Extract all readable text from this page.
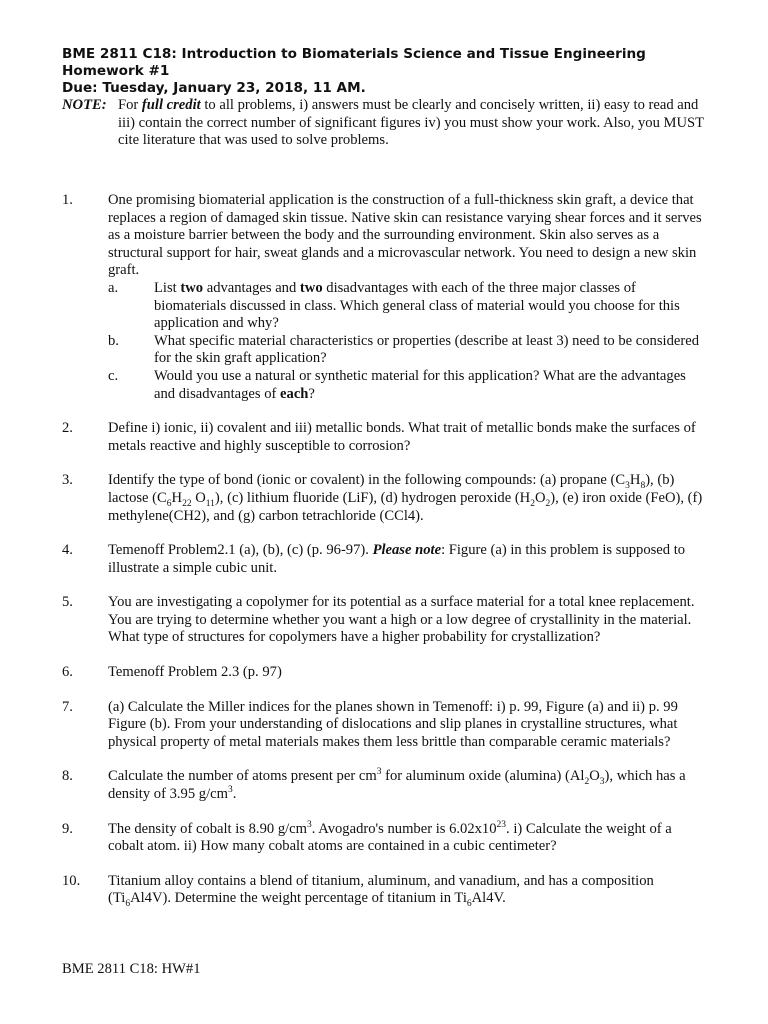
BME 2811 C18: Introduction to Biomaterials Science and Tissue Engineering
Homework #1
Due: Tuesday, January 23, 2018, 11 AM.
NOTE: For full credit to all problems, i) answers must be clearly and concisely written, ii) easy to read and iii) contain the correct number of significant figures iv) you must show your work. Also, you MUST cite literature that was used to solve problems.
1.	One promising biomaterial application is the construction of a full-thickness skin graft, a device that replaces a region of damaged skin tissue. Native skin can resistance varying shear forces and it serves as a moisture barrier between the body and the surrounding environment. Skin also serves as a structural support for hair, sweat glands and a microvascular network. You need to design a new skin graft.
a.	List two advantages and two disadvantages with each of the three major classes of biomaterials discussed in class. Which general class of material would you choose for this application and why?
b.	What specific material characteristics or properties (describe at least 3) need to be considered for the skin graft application?
c.	Would you use a natural or synthetic material for this application? What are the advantages and disadvantages of each?
2.	Define i) ionic, ii) covalent and iii) metallic bonds. What trait of metallic bonds make the surfaces of metals reactive and highly susceptible to corrosion?
3.	Identify the type of bond (ionic or covalent) in the following compounds: (a) propane $(C_3H_8)$, (b) lactose ($C_6H_{22}$ $O_{11}$), (c) lithium fluoride (LiF), (d) hydrogen peroxide $(H_2O_2)$, (e) iron oxide (FeO), (f) methylene(CH2), and (g) carbon tetrachloride (CCl4).
4.	Temenoff Problem2.1 (a), (b), (c) (p. 96-97). Please note: Figure (a) in this problem is supposed to illustrate a simple cubic unit.
5.	You are investigating a copolymer for its potential as a surface material for a total knee replacement. You are trying to determine whether you want a high or a low degree of crystallinity in the material. What type of structures for copolymers have a higher probability for crystallization?
6.	Temenoff Problem 2.3 (p. 97)
7.	(a) Calculate the Miller indices for the planes shown in Temenoff: i) p. 99, Figure (a) and ii) p. 99 Figure (b). From your understanding of dislocations and slip planes in crystalline structures, what physical property of metal materials makes them less brittle than comparable ceramic materials?
8.	Calculate the number of atoms present per $cm^3$ for aluminum oxide (alumina) $(Al_2O_3)$, which has a density of 3.95 $g/cm^3$.
9.	The density of cobalt is 8.90 $g/cm^3$. Avogadro's number is $6.02x10^{23}$. i) Calculate the weight of a cobalt atom. ii) How many cobalt atoms are contained in a cubic centimeter?
10.	Titanium alloy contains a blend of titanium, aluminum, and vanadium, and has a composition $(Ti_6Al4V)$. Determine the weight percentage of titanium in $Ti_6Al4V$.
BME 2811 C18: HW#1
